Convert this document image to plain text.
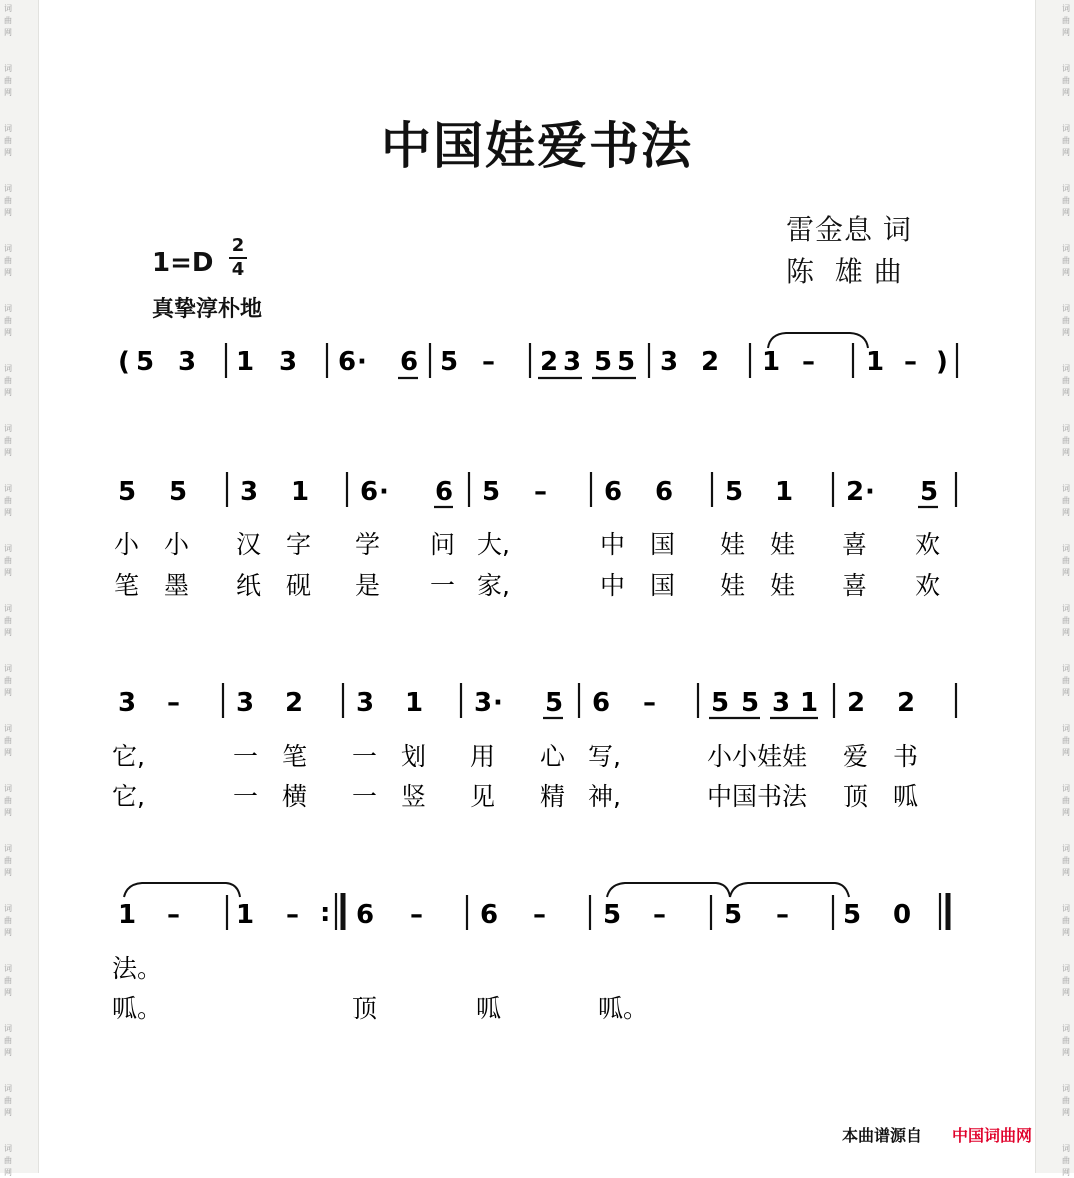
词
曲
网
词
曲
网
词
曲
网
词
曲
网
词
曲
网
词
曲
网
词
曲
网
词
曲
网
词
曲
网
词
曲
网
词
曲
网
词
曲
网
词
曲
网
词
曲
网
词
曲
网
词
曲
网
词
曲
网
词
曲
网
词
曲
网
词
曲
网
词
曲
网
词
曲
网
词
曲
网
词
曲
网
词
曲
网
词
曲
网
词
曲
网
词
曲
网
词
曲
网
词
曲
网
词
曲
网
词
曲
网
词
曲
网
词
曲
网
词
曲
网
词
曲
网
词
曲
网
词
曲
网
词
曲
网
词
曲
网
中国娃爱书法
雷金息 词
陈  雄 曲
1=D
2
4
真挚淳朴地
( 5 3 1 3 6 · 6 5 – 2 3 5 5 3 2 1 – 1 – )
5 5 3 1 6 · 6 5 – 6 6 5 1 2 · 5
小 小 汉 字 学 问 大,	中 国 娃 娃 喜 欢
笔 墨 纸 砚 是 一 家,	中 国 娃 娃 喜 欢
3 – 3 2 3 1 3 · 5 6 – 5 5 3 1 2 2
它,	一 笔 一 划 用 心 写,	小小娃娃 爱 书
它,	一 横 一 竖 见 精 神,	中国书法 顶 呱
1 – 1 – : 6 – 6 – 5 – 5 – 5 0
法。
呱。	顶	呱	呱。
本曲谱源自 中国词曲网
